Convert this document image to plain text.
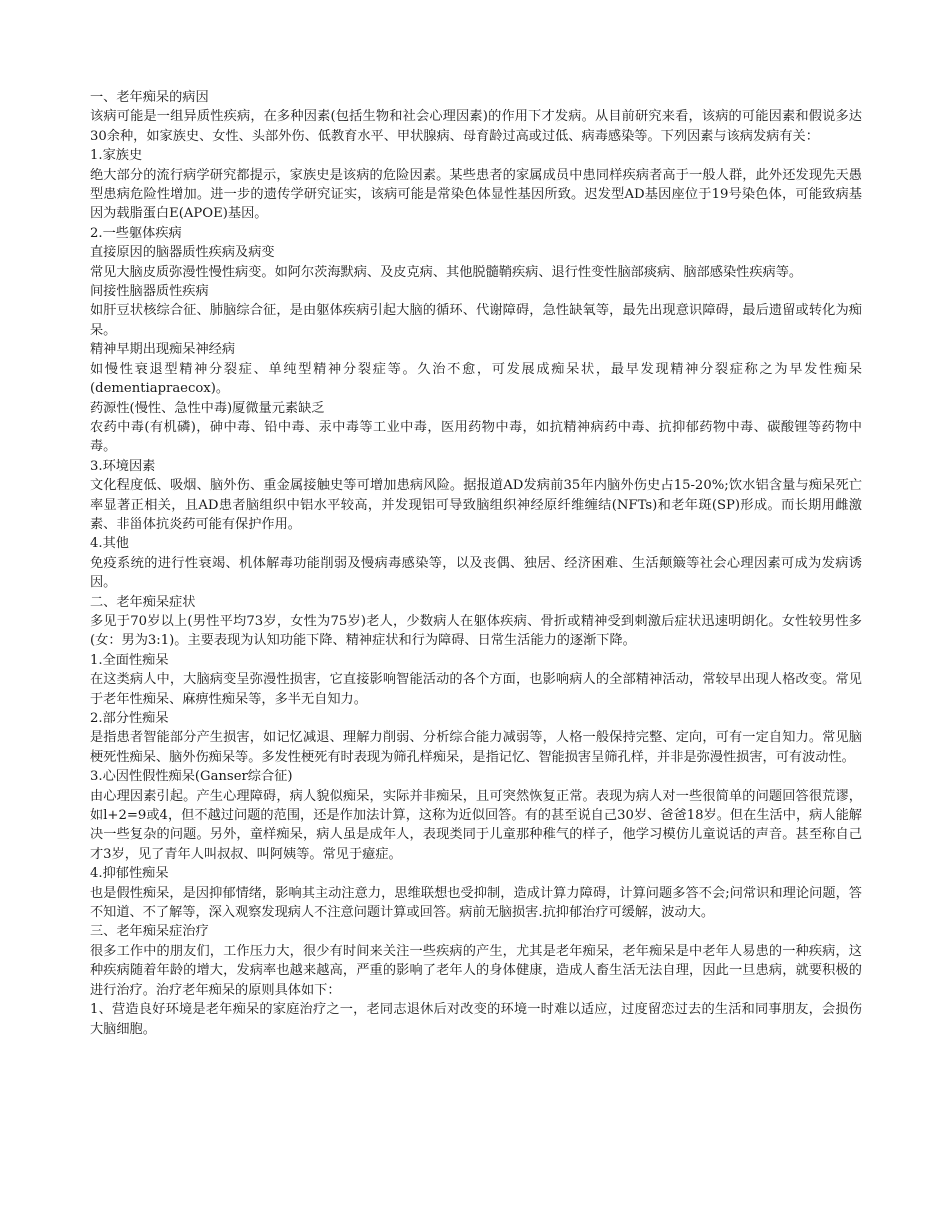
一、老年痴呆的病因
该病可能是一组异质性疾病，在多种因素(包括生物和社会心理因素)的作用下才发病。从目前研究来看，该病的可能因素和假说多达30余种，如家族史、女性、头部外伤、低教育水平、甲状腺病、母育龄过高或过低、病毒感染等。下列因素与该病发病有关：
1.家族史
绝大部分的流行病学研究都提示，家族史是该病的危险因素。某些患者的家属成员中患同样疾病者高于一般人群，此外还发现先天愚型患病危险性增加。进一步的遗传学研究证实，该病可能是常染色体显性基因所致。迟发型AD基因座位于19号染色体，可能致病基因为载脂蛋白E(APOE)基因。
2.一些躯体疾病
直接原因的脑器质性疾病及病变
常见大脑皮质弥漫性慢性病变。如阿尔茨海默病、及皮克病、其他脱髓鞘疾病、退行性变性脑部痰病、脑部感染性疾病等。
间接性脑器质性疾病
如肝豆状核综合征、肺脑综合征，是由躯体疾病引起大脑的循环、代谢障碍，急性缺氧等，最先出现意识障碍，最后遗留或转化为痴呆。
精神早期出现痴呆神经病
如慢性衰退型精神分裂症、单纯型精神分裂症等。久治不愈，可发展成痴呆状，最早发现精神分裂症称之为早发性痴呆(dementiapraecox)。
药源性(慢性、急性中毒)厦微量元素缺乏
农药中毒(有机磷)，砷中毒、铅中毒、汞中毒等工业中毒，医用药物中毒，如抗精神病药中毒、抗抑郁药物中毒、碳酸锂等药物中毒。
3.环境因素
文化程度低、吸烟、脑外伤、重金属接触史等可增加患病风险。据报道AD发病前35年内脑外伤史占15-20%;饮水铝含量与痴呆死亡率显著正相关，且AD患者脑组织中铝水平较高，并发现铝可导致脑组织神经原纤维缠结(NFTs)和老年斑(SP)形成。而长期用雌激素、非甾体抗炎药可能有保护作用。
4.其他
免疫系统的进行性衰竭、机体解毒功能削弱及慢病毒感染等，以及丧偶、独居、经济困难、生活颠簸等社会心理因素可成为发病诱因。
二、老年痴呆症状
多见于70岁以上(男性平均73岁，女性为75岁)老人，少数病人在躯体疾病、骨折或精神受到刺激后症状迅速明朗化。女性较男性多(女：男为3:1)。主要表现为认知功能下降、精神症状和行为障碍、日常生活能力的逐渐下降。
1.全面性痴呆
在这类病人中，大脑病变呈弥漫性损害，它直接影响智能活动的各个方面，也影响病人的全部精神活动，常较早出现人格改变。常见于老年性痴呆、麻痹性痴呆等，多半无自知力。
2.部分性痴呆
是指患者智能部分产生损害，如记忆减退、理解力削弱、分析综合能力减弱等，人格一般保持完整、定向，可有一定自知力。常见脑梗死性痴呆、脑外伤痴呆等。多发性梗死有时表现为筛孔样痴呆，是指记忆、智能损害呈筛孔样，并非是弥漫性损害，可有波动性。
3.心因性假性痴呆(Ganser综合征)
由心理因素引起。产生心理障碍，病人貌似痴呆，实际并非痴呆，且可突然恢复正常。表现为病人对一些很简单的问题回答很荒谬，如l+2=9或4，但不越过问题的范围，还是作加法计算，这称为近似回答。有的甚至说自己30岁、爸爸18岁。但在生活中，病人能解决一些复杂的问题。另外，童样痴呆，病人虽是成年人，表现类同于儿童那种稚气的样子，他学习模仿儿童说话的声音。甚至称自己才3岁，见了青年人叫叔叔、叫阿姨等。常见于癔症。
4.抑郁性痴呆
也是假性痴呆，是因抑郁情绪，影响其主动注意力，思维联想也受抑制，造成计算力障碍，计算问题多答不会;问常识和理论问题，答不知道、不了解等，深入观察发现病人不注意问题计算或回答。病前无脑损害.抗抑郁治疗可缓解，波动大。
三、老年痴呆症治疗
很多工作中的朋友们，工作压力大，很少有时间来关注一些疾病的产生，尤其是老年痴呆，老年痴呆是中老年人易患的一种疾病，这种疾病随着年龄的增大，发病率也越来越高，严重的影响了老年人的身体健康，造成人畜生活无法自理，因此一旦患病，就要积极的进行治疗。治疗老年痴呆的原则具体如下：
1、营造良好环境是老年痴呆的家庭治疗之一，老同志退休后对改变的环境一时难以适应，过度留恋过去的生活和同事朋友，会损伤大脑细胞。
